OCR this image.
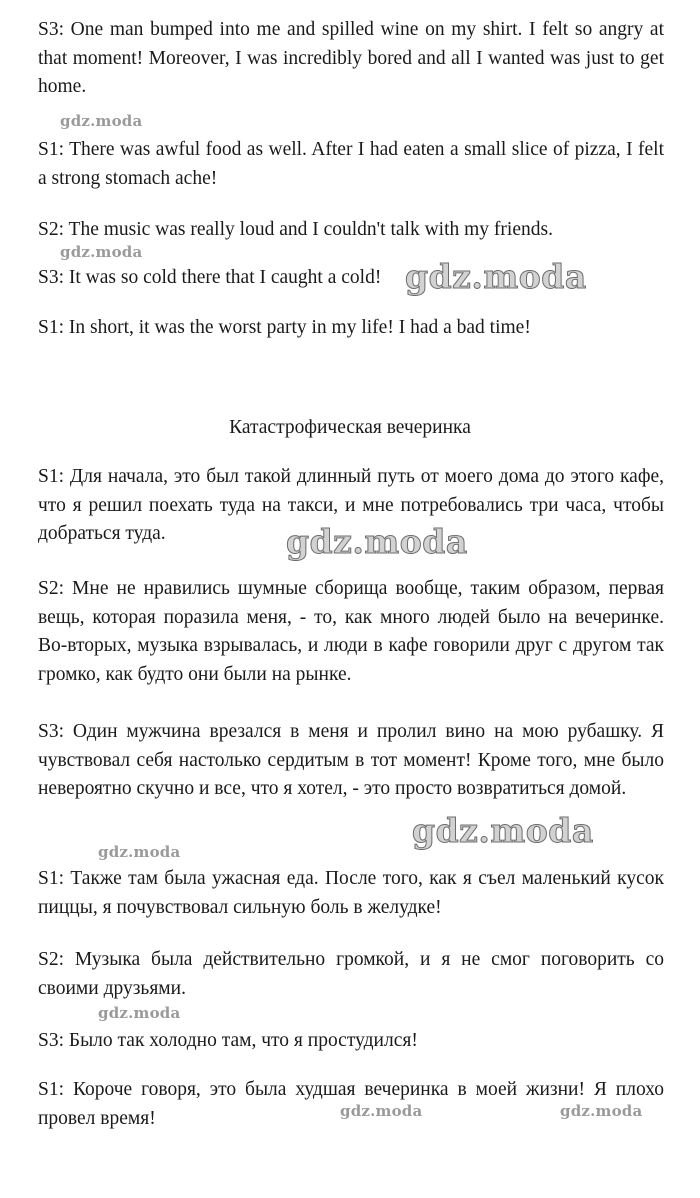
S3: One man bumped into me and spilled wine on my shirt. I felt so angry at that moment! Moreover, I was incredibly bored and all I wanted was just to get home.

S1: There was awful food as well. After I had eaten a small slice of pizza, I felt a strong stomach ache!

S2: The music was really loud and I couldn't talk with my friends.

S3: It was so cold there that I caught a cold!

S1: In short, it was the worst party in my life! I had a bad time!

Катастрофическая вечеринка

S1: Для начала, это был такой длинный путь от моего дома до этого кафе, что я решил поехать туда на такси, и мне потребовались три часа, чтобы добраться туда.

S2: Мне не нравились шумные сборища вообще, таким образом, первая вещь, которая поразила меня, - то, как много людей было на вечеринке. Во-вторых, музыка взрывалась, и люди в кафе говорили друг с другом так громко, как будто они были на рынке.

S3: Один мужчина врезался в меня и пролил вино на мою рубашку. Я чувствовал себя настолько сердитым в тот момент! Кроме того, мне было невероятно скучно и все, что я хотел, - это просто возвратиться домой.

S1: Также там была ужасная еда. После того, как я съел маленький кусок пиццы, я почувствовал сильную боль в желудке!

S2: Музыка была действительно громкой, и я не смог поговорить со своими друзьями.

S3: Было так холодно там, что я простудился!

S1: Короче говоря, это была худшая вечеринка в моей жизни! Я плохо провел время!

gdz.moda
gdz.moda
gdz.moda
gdz.moda
gdz.moda
gdz.moda
gdz.moda
gdz.moda	gdz.moda
